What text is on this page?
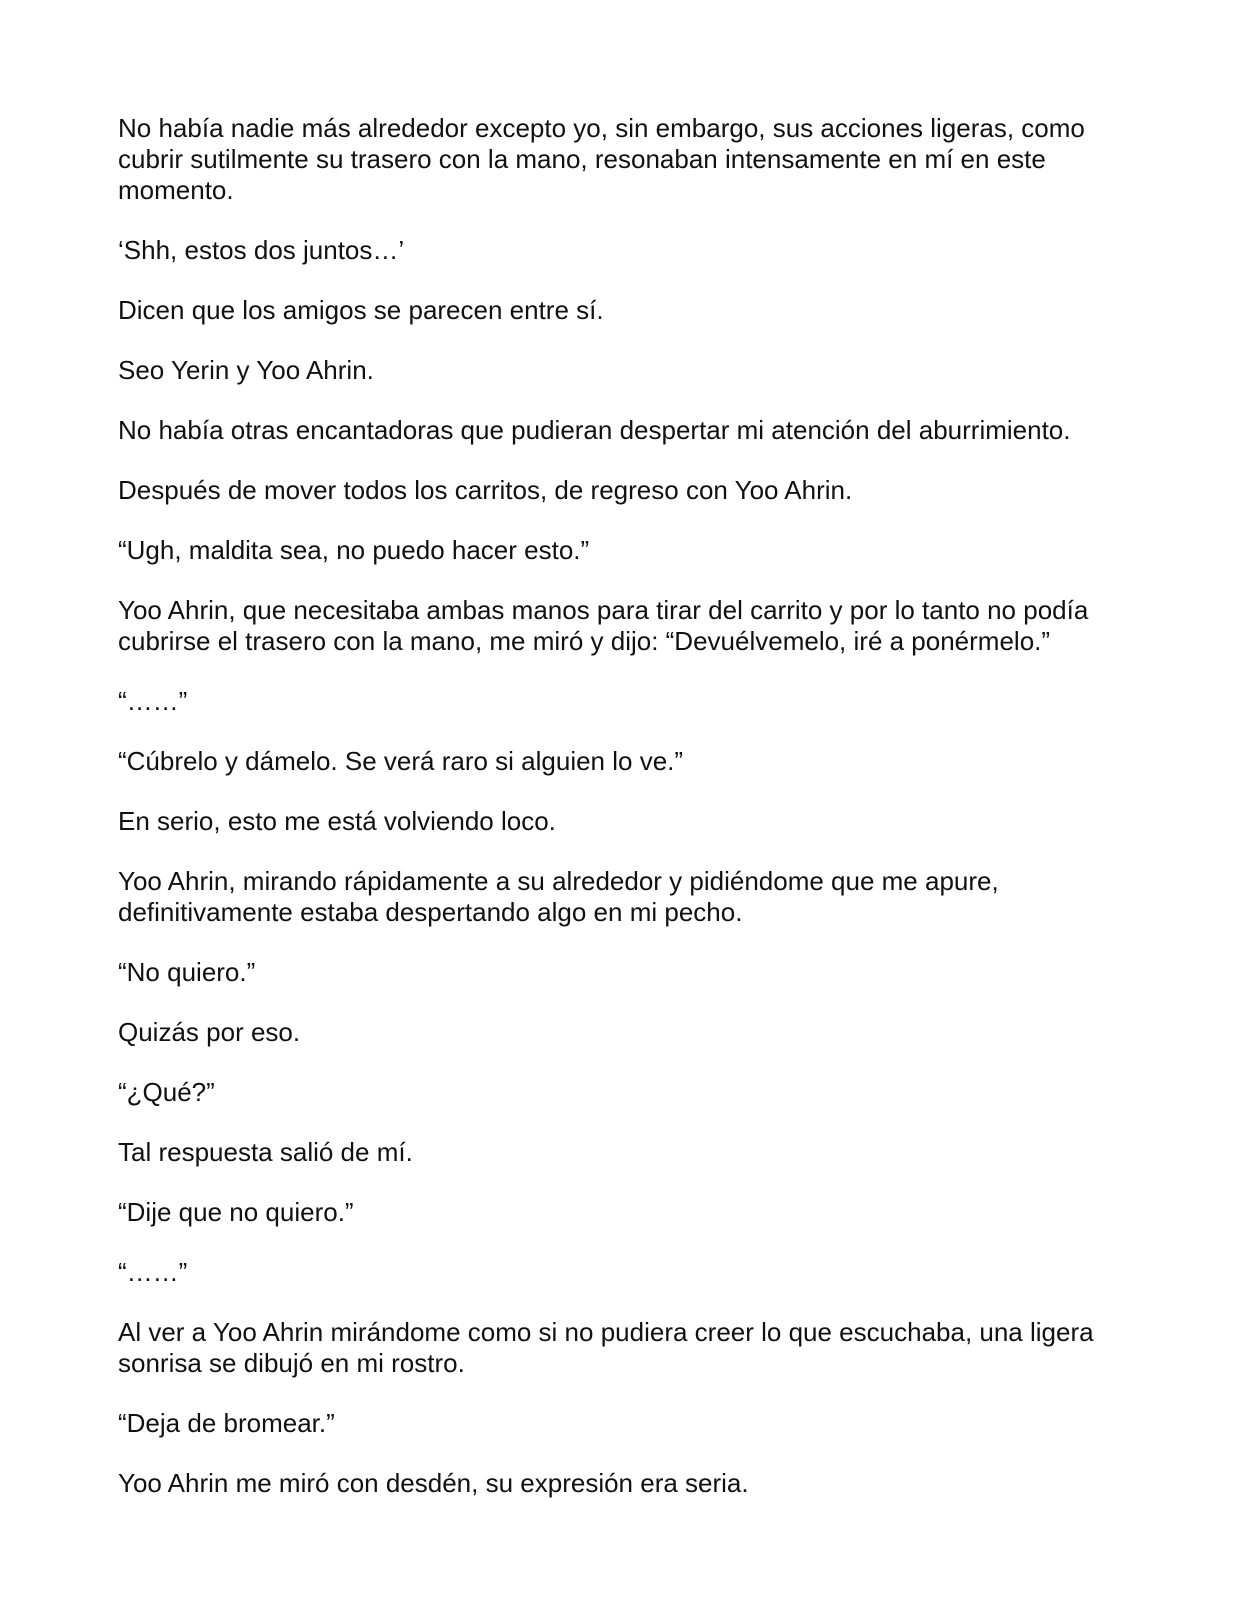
No había nadie más alrededor excepto yo, sin embargo, sus acciones ligeras, como cubrir sutilmente su trasero con la mano, resonaban intensamente en mí en este momento.

‘Shh, estos dos juntos…’

Dicen que los amigos se parecen entre sí.

Seo Yerin y Yoo Ahrin.

No había otras encantadoras que pudieran despertar mi atención del aburrimiento.

Después de mover todos los carritos, de regreso con Yoo Ahrin.

“Ugh, maldita sea, no puedo hacer esto.”

Yoo Ahrin, que necesitaba ambas manos para tirar del carrito y por lo tanto no podía cubrirse el trasero con la mano, me miró y dijo: “Devuélvemelo, iré a ponérmelo.”

“……”

“Cúbrelo y dámelo. Se verá raro si alguien lo ve.”

En serio, esto me está volviendo loco.

Yoo Ahrin, mirando rápidamente a su alrededor y pidiéndome que me apure, definitivamente estaba despertando algo en mi pecho.

“No quiero.”

Quizás por eso.

“¿Qué?”

Tal respuesta salió de mí.

“Dije que no quiero.”

“……”

Al ver a Yoo Ahrin mirándome como si no pudiera creer lo que escuchaba, una ligera sonrisa se dibujó en mi rostro.

“Deja de bromear.”

Yoo Ahrin me miró con desdén, su expresión era seria.
